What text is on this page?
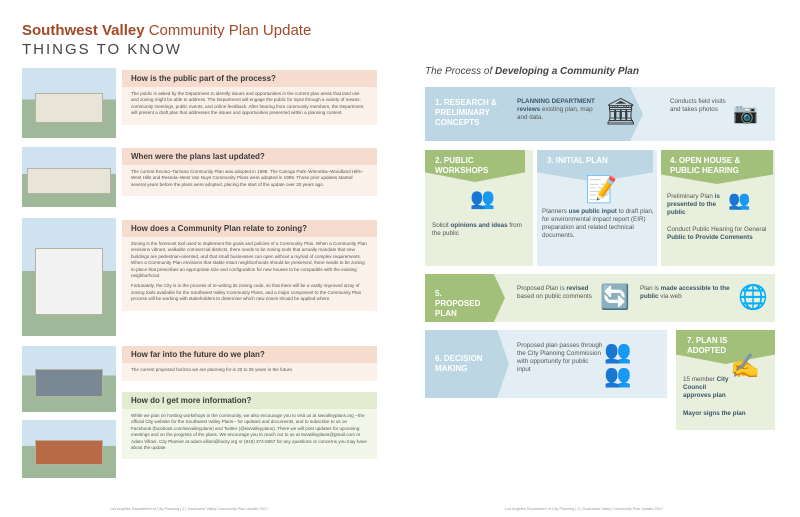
Southwest Valley Community Plan Update
THINGS TO KNOW
How is the public part of the process?

The public is asked by the Department to identify issues and opportunities in the current plan areas that land use and zoning might be able to address. The Department will engage the public for input through a variety of means: community meetings, public events, and online feedback. After hearing from community members, the Department will present a draft plan that addresses the issues and opportunities presented within a planning context.

When were the plans last updated?

The current Encino–Tarzana Community Plan was adopted in 1998. The Canoga Park–Winnetka–Woodland Hills–West Hills and Reseda–West Van Nuys Community Plans were adopted in 1999. Those prior updates started several years before the plans were adopted, placing the start of the update over 20 years ago.

How does a Community Plan relate to zoning?

Zoning is the foremost tool used to implement the goals and policies of a Community Plan. When a Community Plan envisions vibrant, walkable commercial districts, there needs to be zoning tools that actually mandate that new buildings are pedestrian-oriented, and that small businesses can open without a myriad of complex requirements. When a Community Plan envisions that stable intact neighborhoods should be preserved, there needs to be zoning in-place that prescribes an appropriate size and configuration for new houses to be compatible with the existing neighborhood.

Fortunately, the City is in the process of re-writing its zoning code, so that there will be a vastly improved array of zoning tools available for the Southwest Valley Community Plans, and a major component to the Community Plan process will be working with stakeholders to determine which new zones should be applied where.

How far into the future do we plan?

The current projected horizon we are planning for is 20 to 25 years in the future.

How do I get more information?

While we plan on hosting workshops in the community, we also encourage you to visit us at swvalleyplans.org --the official City website for the Southwest Valley Plans-- for updates and documents, and to subscribe to us on Facebook (facebook.com/swvalleyplans) and Twitter (@swvalleyplans). There we will post updates for upcoming meetings and on the progress of the plans. We encourage you to reach out to us at swvalleyplans@gmail.com or Adam Villani, City Planner at adam.villani@lacity.org or (818) 374-5067 for any questions or concerns you may have about the update.

The Process of Developing a Community Plan
1. RESEARCH & PRELIMINARY CONCEPTS
PLANNING DEPARTMENT reviews existing plan, map and data.	🏛	Conducts field visits and takes photos 📷
2. PUBLIC WORKSHOPS
👥
Solicit opinions and ideas from the public
3. INITIAL PLAN
📝
Planners use public input to draft plan, for environmental impact report (EIR) preparation and related technical documents.
4. OPEN HOUSE & PUBLIC HEARING
Preliminary Plan is presented to the public
👥
Conduct Public Hearing for General Public to Provide Comments
5. PROPOSED PLAN
Proposed Plan is revised based on public comments 🔄 Plan is made accessible to the public via web	🌐
6. DECISION MAKING
Proposed plan passes through the City Planning Commission with opportunity for public input
👥
👥
7. PLAN IS ADOPTED
✍
15 member City Council approves plan
Mayor signs the plan
Los Angeles Department of City Planning | 2 | Southwest Valley Community Plan Update 2017	Los Angeles Department of City Planning | 3 | Southwest Valley Community Plan Update 2017
